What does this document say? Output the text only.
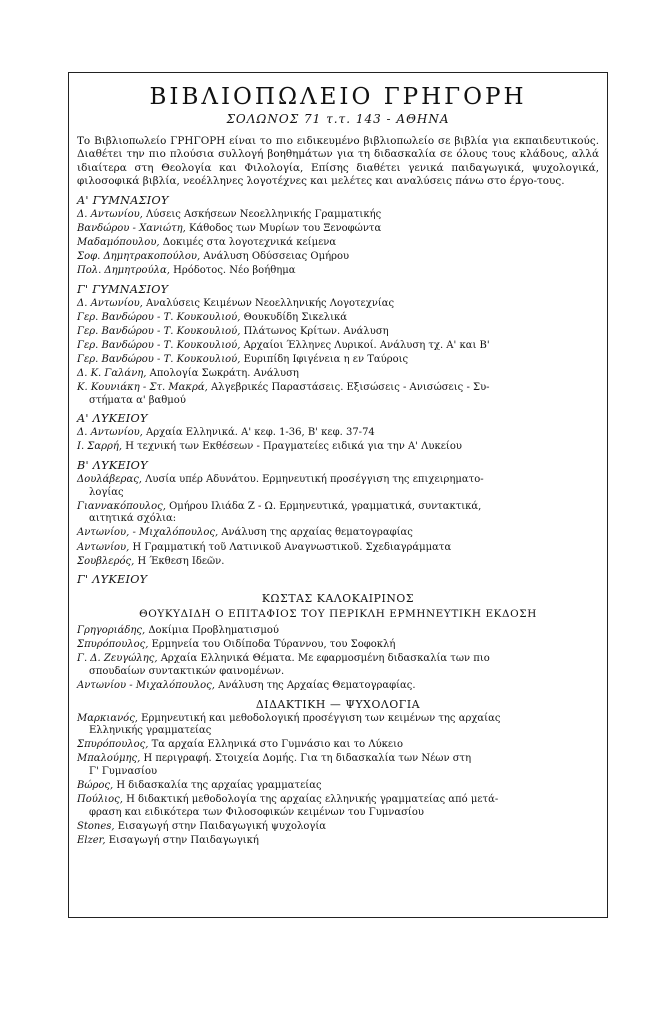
ΒΙΒΛΙΟΠΩΛΕΙΟ ΓΡΗΓΟΡΗ
ΣΟΛΩΝΟΣ 71 τ.τ. 143 - ΑΘΗΝΑ
Το Βιβλιοπωλείο ΓΡΗΓΟΡΗ είναι το πιο ειδικευμένο βιβλιοπωλείο σε βιβλία για εκπαιδευτικούς. Διαθέτει την πιο πλούσια συλλογή βοηθημάτων για τη διδασκαλία σε όλους τους κλάδους, αλλά ιδιαίτερα στη Θεολογία και Φιλολογία, Επίσης διαθέτει γενικά παιδαγωγικά, ψυχολογικά, φιλοσοφικά βιβλία, νεοέλληνες λογοτέχνες και μελέτες και αναλύσεις πάνω στο έργο-τους.
Α' ΓΥΜΝΑΣΙΟΥ
Δ. Αντωνίου, Λύσεις Ασκήσεων Νεοελληνικής Γραμματικής
Βανδώρου - Χανιώτη, Κάθοδος των Μυρίων του Ξενοφώντα
Μαδαμόπουλου, Δοκιμές στα λογοτεχνικά κείμενα
Σοφ. Δημητρακοπούλου, Ανάλυση Οδύσσειας Ομήρου
Πολ. Δημητρούλα, Ηρόδοτος. Νέο βοήθημα
Γ' ΓΥΜΝΑΣΙΟΥ
Δ. Αντωνίου, Αναλύσεις Κειμένων Νεοελληνικής Λογοτεχνίας
Γερ. Βανδώρου - Τ. Κουκουλιού, Θουκυδίδη Σικελικά
Γερ. Βανδώρου - Τ. Κουκουλιού, Πλάτωνος Κρίτων. Ανάλυση
Γερ. Βανδώρου - Τ. Κουκουλιού, Αρχαίοι Έλληνες Λυρικοί. Ανάλυση τχ. Α' και Β'
Γερ. Βανδώρου - Τ. Κουκουλιού, Ευριπίδη Ιφιγένεια η εν Ταύροις
Δ. Κ. Γαλάνη, Απολογία Σωκράτη. Ανάλυση
Κ. Κουνιάκη - Στ. Μακρά, Αλγεβρικές Παραστάσεις. Εξισώσεις - Ανισώσεις - Συ-
στήματα α' βαθμού
Α' ΛΥΚΕΙΟΥ
Δ. Αντωνίου, Αρχαία Ελληνικά. Α' κεφ. 1-36, Β' κεφ. 37-74
Ι. Σαρρή, Η τεχνική των Εκθέσεων - Πραγματείες ειδικά για την Α' Λυκείου
Β' ΛΥΚΕΙΟΥ
Δουλάβερας, Λυσία υπέρ Αδυνάτου. Ερμηνευτική προσέγγιση της επιχειρηματο-
λογίας
Γιαννακόπουλος, Ομήρου Ιλιάδα Ζ - Ω. Ερμηνευτικά, γραμματικά, συντακτικά,
αιτητικά σχόλια:
Αντωνίου, - Μιχαλόπουλος, Ανάλυση της αρχαίας θεματογραφίας
Αντωνίου, Η Γραμματική τοῦ Λατινικοῦ Αναγνωστικοῦ. Σχεδιαγράμματα
Σουβλερός, Η Έκθεση Ιδεῶν.
Γ' ΛΥΚΕΙΟΥ
ΚΩΣΤΑΣ ΚΑΛΟΚΑΙΡΙΝΟΣ
ΘΟΥΚΥΔΙΔΗ Ο ΕΠΙΤΑΦΙΟΣ ΤΟΥ ΠΕΡΙΚΛΗ ΕΡΜΗΝΕΥΤΙΚΗ ΕΚΔΟΣΗ
Γρηγοριάδης, Δοκίμια Προβληματισμού
Σπυρόπουλος, Ερμηνεία του Οιδίποδα Τύραννου, του Σοφοκλή
Γ. Δ. Ζευγώλης, Αρχαία Ελληνικά Θέματα. Με εφαρμοσμένη διδασκαλία των πιο
σπουδαίων συντακτικών φαινομένων.
Αντωνίου - Μιχαλόπουλος, Ανάλυση της Αρχαίας Θεματογραφίας.
ΔΙΔΑΚΤΙΚΗ — ΨΥΧΟΛΟΓΙΑ
Μαρκιανός, Ερμηνευτική και μεθοδολογική προσέγγιση των κειμένων της αρχαίας
Ελληνικής γραμματείας
Σπυρόπουλος, Τα αρχαία Ελληνικά στο Γυμνάσιο και το Λύκειο
Μπαλούμης, Η περιγραφή. Στοιχεία Δομής. Για τη διδασκαλία των Νέων στη
Γ' Γυμνασίου
Βώρος, Η διδασκαλία της αρχαίας γραμματείας
Πούλιος, Η διδακτική μεθοδολογία της αρχαίας ελληνικής γραμματείας από μετά-
φραση και ειδικότερα των Φιλοσοφικών κειμένων του Γυμνασίου
Stones, Εισαγωγή στην Παιδαγωγική ψυχολογία
Elzer, Εισαγωγή στην Παιδαγωγική
